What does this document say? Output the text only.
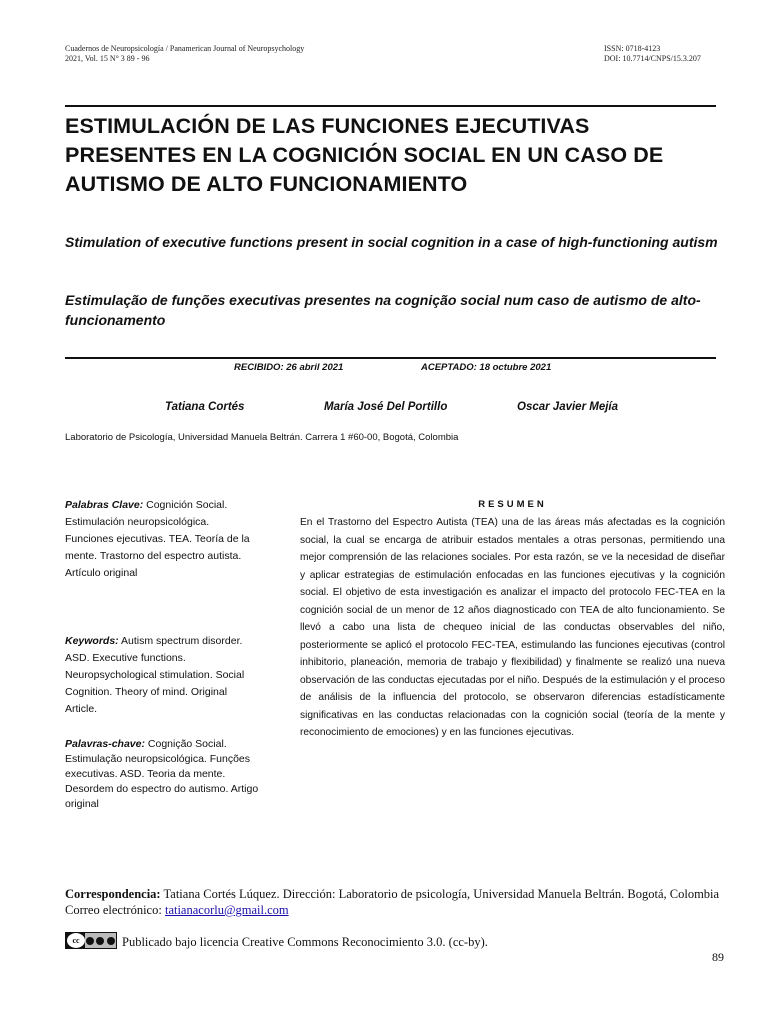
Cuadernos de Neuropsicología / Panamerican Journal of Neuropsychology
2021, Vol. 15 N° 3 89 - 96
ISSN: 0718-4123
DOI: 10.7714/CNPS/15.3.207
ESTIMULACIÓN DE LAS FUNCIONES EJECUTIVAS PRESENTES EN LA COGNICIÓN SOCIAL EN UN CASO DE AUTISMO DE ALTO FUNCIONAMIENTO
Stimulation of executive functions present in social cognition in a case of high-functioning autism
Estimulação de funções executivas presentes na cognição social num caso de autismo de alto-funcionamento
RECIBIDO: 26 abril 2021	ACEPTADO: 18 octubre 2021
Tatiana Cortés	María José Del Portillo	Oscar Javier Mejía
Laboratorio de Psicología, Universidad Manuela Beltrán. Carrera 1 #60-00, Bogotá, Colombia
Palabras Clave: Cognición Social. Estimulación neuropsicológica. Funciones ejecutivas. TEA. Teoría de la mente. Trastorno del espectro autista. Artículo original
Keywords: Autism spectrum disorder. ASD. Executive functions. Neuropsychological stimulation. Social Cognition. Theory of mind. Original Article.
Palavras-chave: Cognição Social. Estimulação neuropsicológica. Funções executivas. ASD. Teoria da mente. Desordem do espectro do autismo. Artigo original
RESUMEN
En el Trastorno del Espectro Autista (TEA) una de las áreas más afectadas es la cognición social, la cual se encarga de atribuir estados mentales a otras personas, permitiendo una mejor comprensión de las relaciones sociales. Por esta razón, se ve la necesidad de diseñar y aplicar estrategias de estimulación enfocadas en las funciones ejecutivas y la cognición social. El objetivo de esta investigación es analizar el impacto del protocolo FEC-TEA en la cognición social de un menor de 12 años diagnosticado con TEA de alto funcionamiento. Se llevó a cabo una lista de chequeo inicial de las conductas observables del niño, posteriormente se aplicó el protocolo FEC-TEA, estimulando las funciones ejecutivas (control inhibitorio, planeación, memoria de trabajo y flexibilidad) y finalmente se realizó una nueva observación de las conductas ejecutadas por el niño. Después de la estimulación y el proceso de análisis de la influencia del protocolo, se observaron diferencias estadísticamente significativas en las conductas relacionadas con la cognición social (teoría de la mente y reconocimiento de emociones) y en las funciones ejecutivas.
Correspondencia: Tatiana Cortés Lúquez. Dirección: Laboratorio de psicología, Universidad Manuela Beltrán. Bogotá, Colombia Correo electrónico: tatianacorlu@gmail.com
cc	Publicado bajo licencia Creative Commons Reconocimiento 3.0. (cc-by).
89
